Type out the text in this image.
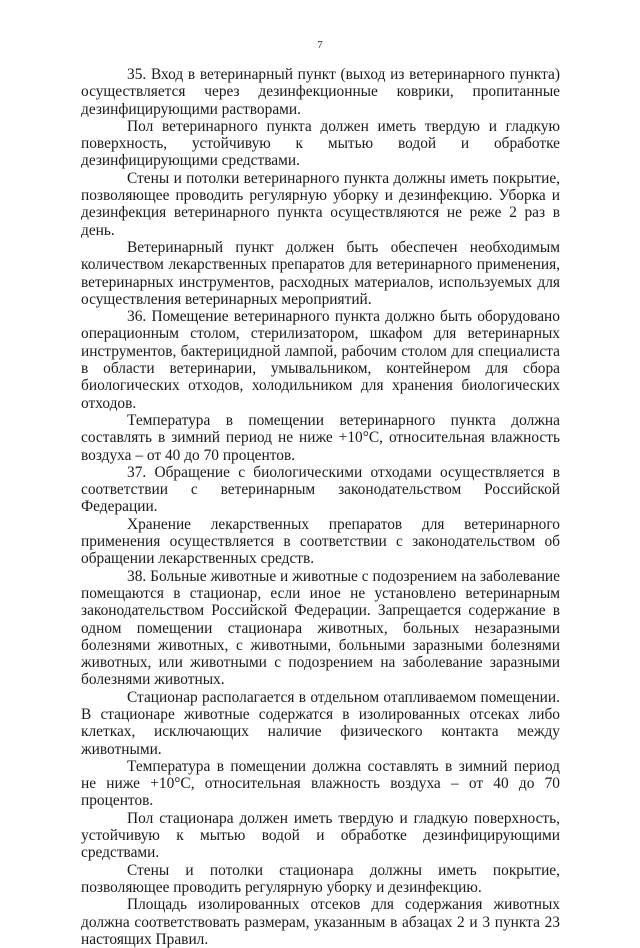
7

35. Вход в ветеринарный пункт (выход из ветеринарного пункта) осуществляется через дезинфекционные коврики, пропитанные дезинфицирующими растворами.

Пол ветеринарного пункта должен иметь твердую и гладкую поверхность, устойчивую к мытью водой и обработке дезинфицирующими средствами.

Стены и потолки ветеринарного пункта должны иметь покрытие, позволяющее проводить регулярную уборку и дезинфекцию. Уборка и дезинфекция ветеринарного пункта осуществляются не реже 2 раз в день.

Ветеринарный пункт должен быть обеспечен необходимым количеством лекарственных препаратов для ветеринарного применения, ветеринарных инструментов, расходных материалов, используемых для осуществления ветеринарных мероприятий.

36. Помещение ветеринарного пункта должно быть оборудовано операционным столом, стерилизатором, шкафом для ветеринарных инструментов, бактерицидной лампой, рабочим столом для специалиста в области ветеринарии, умывальником, контейнером для сбора биологических отходов, холодильником для хранения биологических отходов.

Температура в помещении ветеринарного пункта должна составлять в зимний период не ниже +10°С, относительная влажность воздуха – от 40 до 70 процентов.

37. Обращение с биологическими отходами осуществляется в соответствии с ветеринарным законодательством Российской Федерации.

Хранение лекарственных препаратов для ветеринарного применения осуществляется в соответствии с законодательством об обращении лекарственных средств.

38. Больные животные и животные с подозрением на заболевание помещаются в стационар, если иное не установлено ветеринарным законодательством Российской Федерации. Запрещается содержание в одном помещении стационара животных, больных незаразными болезнями животных, с животными, больными заразными болезнями животных, или животными с подозрением на заболевание заразными болезнями животных.

Стационар располагается в отдельном отапливаемом помещении. В стационаре животные содержатся в изолированных отсеках либо клетках, исключающих наличие физического контакта между животными.

Температура в помещении должна составлять в зимний период не ниже +10°С, относительная влажность воздуха – от 40 до 70 процентов.

Пол стационара должен иметь твердую и гладкую поверхность, устойчивую к мытью водой и обработке дезинфицирующими средствами.

Стены и потолки стационара должны иметь покрытие, позволяющее проводить регулярную уборку и дезинфекцию.

Площадь изолированных отсеков для содержания животных должна соответствовать размерам, указанным в абзацах 2 и 3 пункта 23 настоящих Правил.
